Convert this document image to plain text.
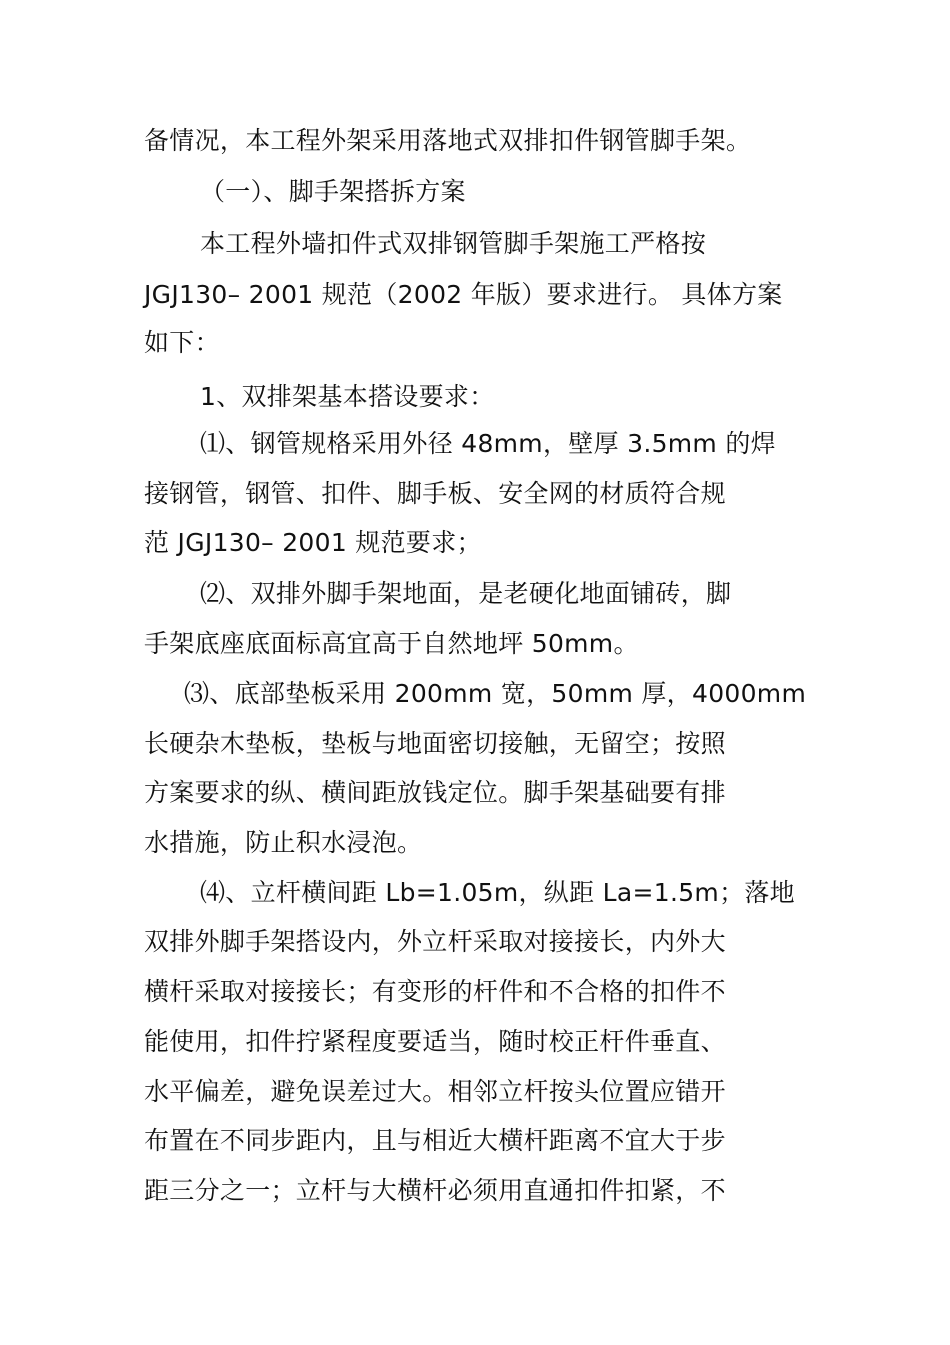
备情况，本工程外架采用落地式双排扣件钢管脚手架。
（一）、脚手架搭拆方案
本工程外墙扣件式双排钢管脚手架施工严格按
JGJ130– 2001 规范（2002 年版）要求进行。 具体方案
如下：
1、双排架基本搭设要求：
⑴、钢管规格采用外径 48mm，壁厚 3.5mm 的焊
接钢管，钢管、扣件、脚手板、安全网的材质符合规
范 JGJ130– 2001 规范要求；
⑵、双排外脚手架地面，是老硬化地面铺砖，脚
手架底座底面标高宜高于自然地坪 50mm。
⑶、底部垫板采用 200mm 宽，50mm 厚，4000mm
长硬杂木垫板，垫板与地面密切接触，无留空；按照
方案要求的纵、横间距放钱定位。脚手架基础要有排
水措施，防止积水浸泡。
⑷、立杆横间距 Lb=1.05m，纵距 La=1.5m；落地
双排外脚手架搭设内，外立杆采取对接接长，内外大
横杆采取对接接长；有变形的杆件和不合格的扣件不
能使用，扣件拧紧程度要适当，随时校正杆件垂直、
水平偏差，避免误差过大。相邻立杆按头位置应错开
布置在不同步距内，且与相近大横杆距离不宜大于步
距三分之一；立杆与大横杆必须用直通扣件扣紧，不
